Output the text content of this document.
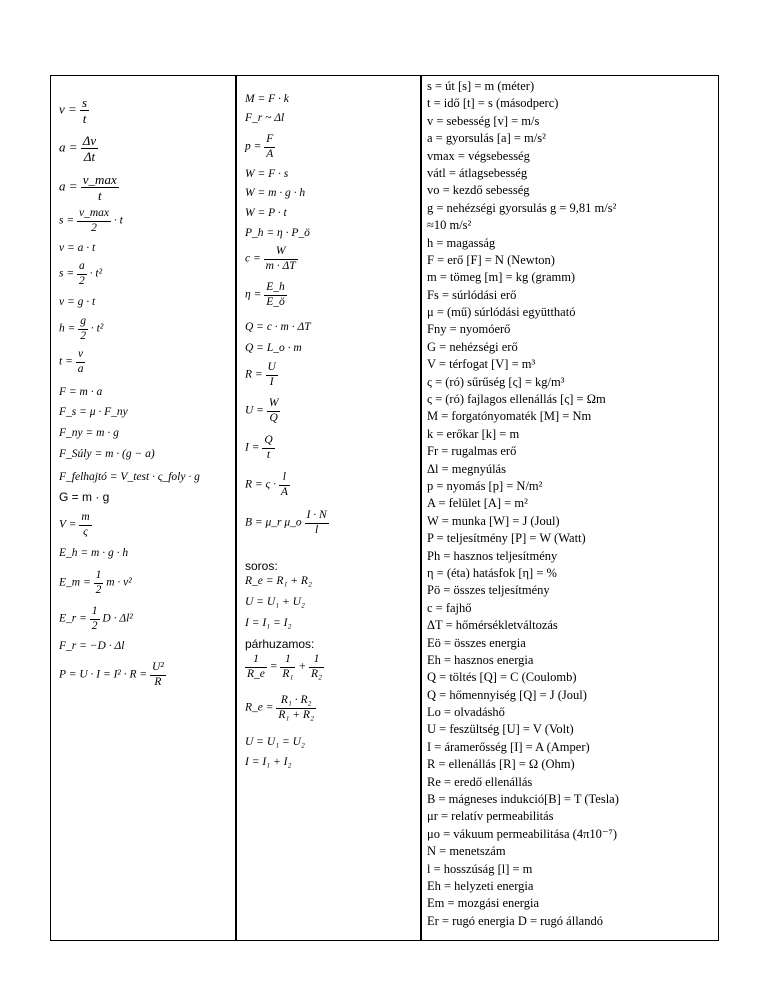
$v = \frac{s}{t}$
$a = \frac{\Delta v}{\Delta t}$
$a = \frac{v\_\max}{t}$
$s = \frac{v\_\max}{2} \cdot t$
v = a · t
$s = \frac{a}{2} \cdot t^2$
v = g · t
$h = \frac{g}{2} \cdot t^2$
$t = \frac{v}{a}$
F = m · a
F_s = μ · F_ny
F_ny = m · g
F_Súly = m · (g − a)
F_felhajtó = V_test · ς_foly · g
G = m · g
$V = \frac{m}{\varsigma}$
E_h = m · g · h
E_m = $\frac{1}{2}$ m · v²
E_r = $\frac{1}{2}$ D · Δl²
F_r = −D · Δl
$P = U \cdot I = I^2 \cdot R = \frac{\text{U²}}{R}$
M = F · k
F_r ~ Δl
$p = \frac{F}{A}$
W = F · s
W = m · g · h
W = P · t
P_h = η · P_ö
$c = \frac{W}{m \cdot \Delta T}$
$\eta = \frac{E\_h}{E\_ö}$
Q = c · m · ΔT
Q = L_o · m
$R = \frac{U}{I}$
$U = \frac{W}{Q}$
$I = \frac{Q}{t}$
$R = \varsigma \cdot \frac{l}{A}$
B = μ_r μ_o $\frac{I \cdot N}{l}$
soros:
R_e = R₁ + R₂
U = U₁ + U₂
I = I₁ = I₂
párhuzamos:
$\frac{1}{R\_e} = \frac{1}{\text{R₁}} + \frac{1}{\text{R₂}}$
R_e = $\frac{\text{R₁ · R₂}}{\text{R₁ + R₂}}$
U = U₁ = U₂
I = I₁ + I₂
s = út [s] = m (méter)
t = idő [t] = s (másodperc)
v = sebesség [v] = m/s
a = gyorsulás [a] = m/s²
vmax = végsebesség
vátl = átlagsebesség
vo = kezdő sebesség
g = nehézségi gyorsulás g = 9,81 m/s²
≈10 m/s²
h = magasság
F = erő [F] = N (Newton)
m = tömeg [m] = kg (gramm)
Fs = súrlódási erő
μ = (mű) súrlódási együttható
Fny = nyomóerő
G = nehézségi erő
V = térfogat [V] = m³
ς = (ró) sűrűség [ς] = kg/m³
ς = (ró) fajlagos ellenállás [ς] = Ωm
M = forgatónyomaték [M] = Nm
k = erőkar [k] = m
Fr = rugalmas erő
Δl = megnyúlás
p = nyomás [p] = N/m²
A = felület [A] = m²
W = munka [W] = J (Joul)
P = teljesítmény [P] = W (Watt)
Ph = hasznos teljesítmény
η = (éta) hatásfok [η] = %
Pö = összes teljesítmény
c = fajhő
ΔT = hőmérsékletváltozás
Eö = összes energia
Eh = hasznos energia
Q = töltés [Q] = C (Coulomb)
Q = hőmennyiség [Q] = J (Joul)
Lo = olvadáshő
U = feszültség [U] = V (Volt)
I = áramerősség [I] = A (Amper)
R = ellenállás [R] = Ω (Ohm)
Re = eredő ellenállás
B = mágneses indukció[B] = T (Tesla)
μr = relatív permeabilitás
μo = vákuum permeabilitása (4π10⁻⁷)
N = menetszám
l = hosszúság [l] = m
Eh = helyzeti energia
Em = mozgási energia
Er = rugó energia D = rugó állandó
